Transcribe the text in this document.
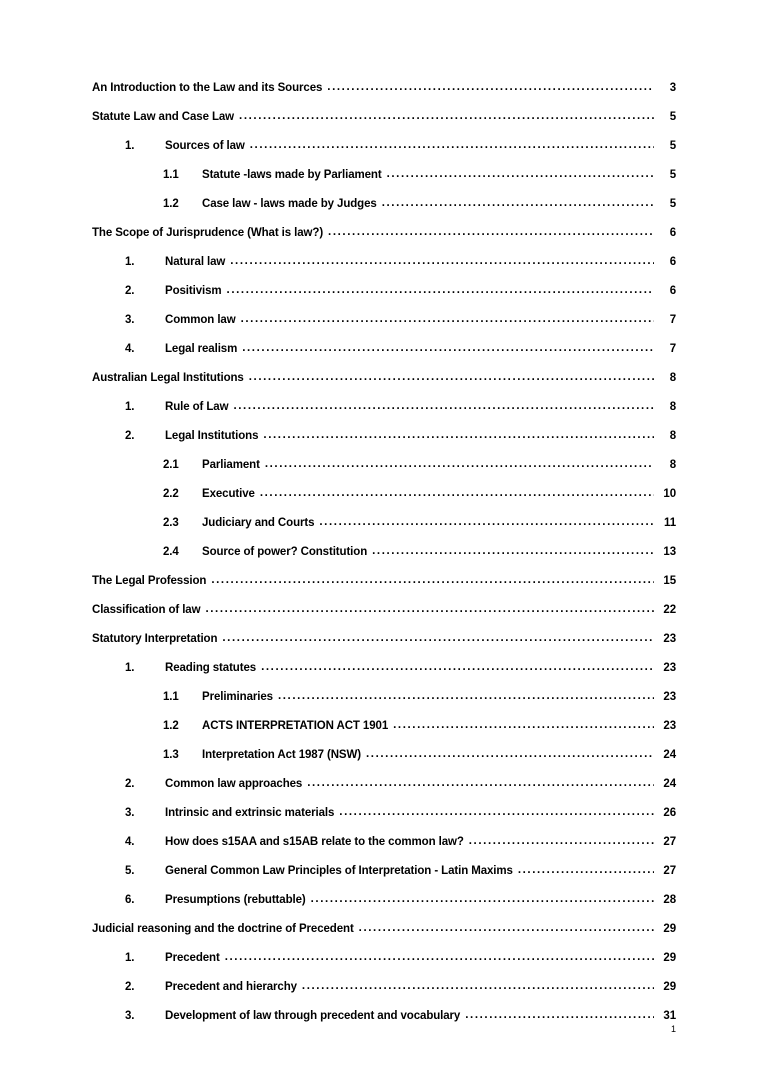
An Introduction to the Law and its Sources .....	3
Statute Law and Case Law .....	5
1.	Sources of law .....	5
1.1	Statute -laws made by Parliament .....	5
1.2	Case law - laws made by Judges .....	5
The Scope of Jurisprudence (What is law?) .....	6
1.	Natural law .....	6
2.	Positivism .....	6
3.	Common law .....	7
4.	Legal realism .....	7
Australian Legal Institutions .....	8
1.	Rule of Law .....	8
2.	Legal Institutions .....	8
2.1	Parliament .....	8
2.2	Executive .....	10
2.3	Judiciary and Courts .....	11
2.4	Source of power? Constitution .....	13
The Legal Profession .....	15
Classification of law .....	22
Statutory Interpretation .....	23
1.	Reading statutes .....	23
1.1	Preliminaries .....	23
1.2	ACTS INTERPRETATION ACT 1901 .....	23
1.3	Interpretation Act 1987 (NSW) .....	24
2.	Common law approaches .....	24
3.	Intrinsic and extrinsic materials .....	26
4.	How does s15AA and s15AB relate to the common law? .....	27
5.	General Common Law Principles of Interpretation - Latin Maxims .....	27
6.	Presumptions (rebuttable) .....	28
Judicial reasoning and the doctrine of Precedent .....	29
1.	Precedent .....	29
2.	Precedent and hierarchy .....	29
3.	Development of law through precedent and vocabulary .....	31
1
